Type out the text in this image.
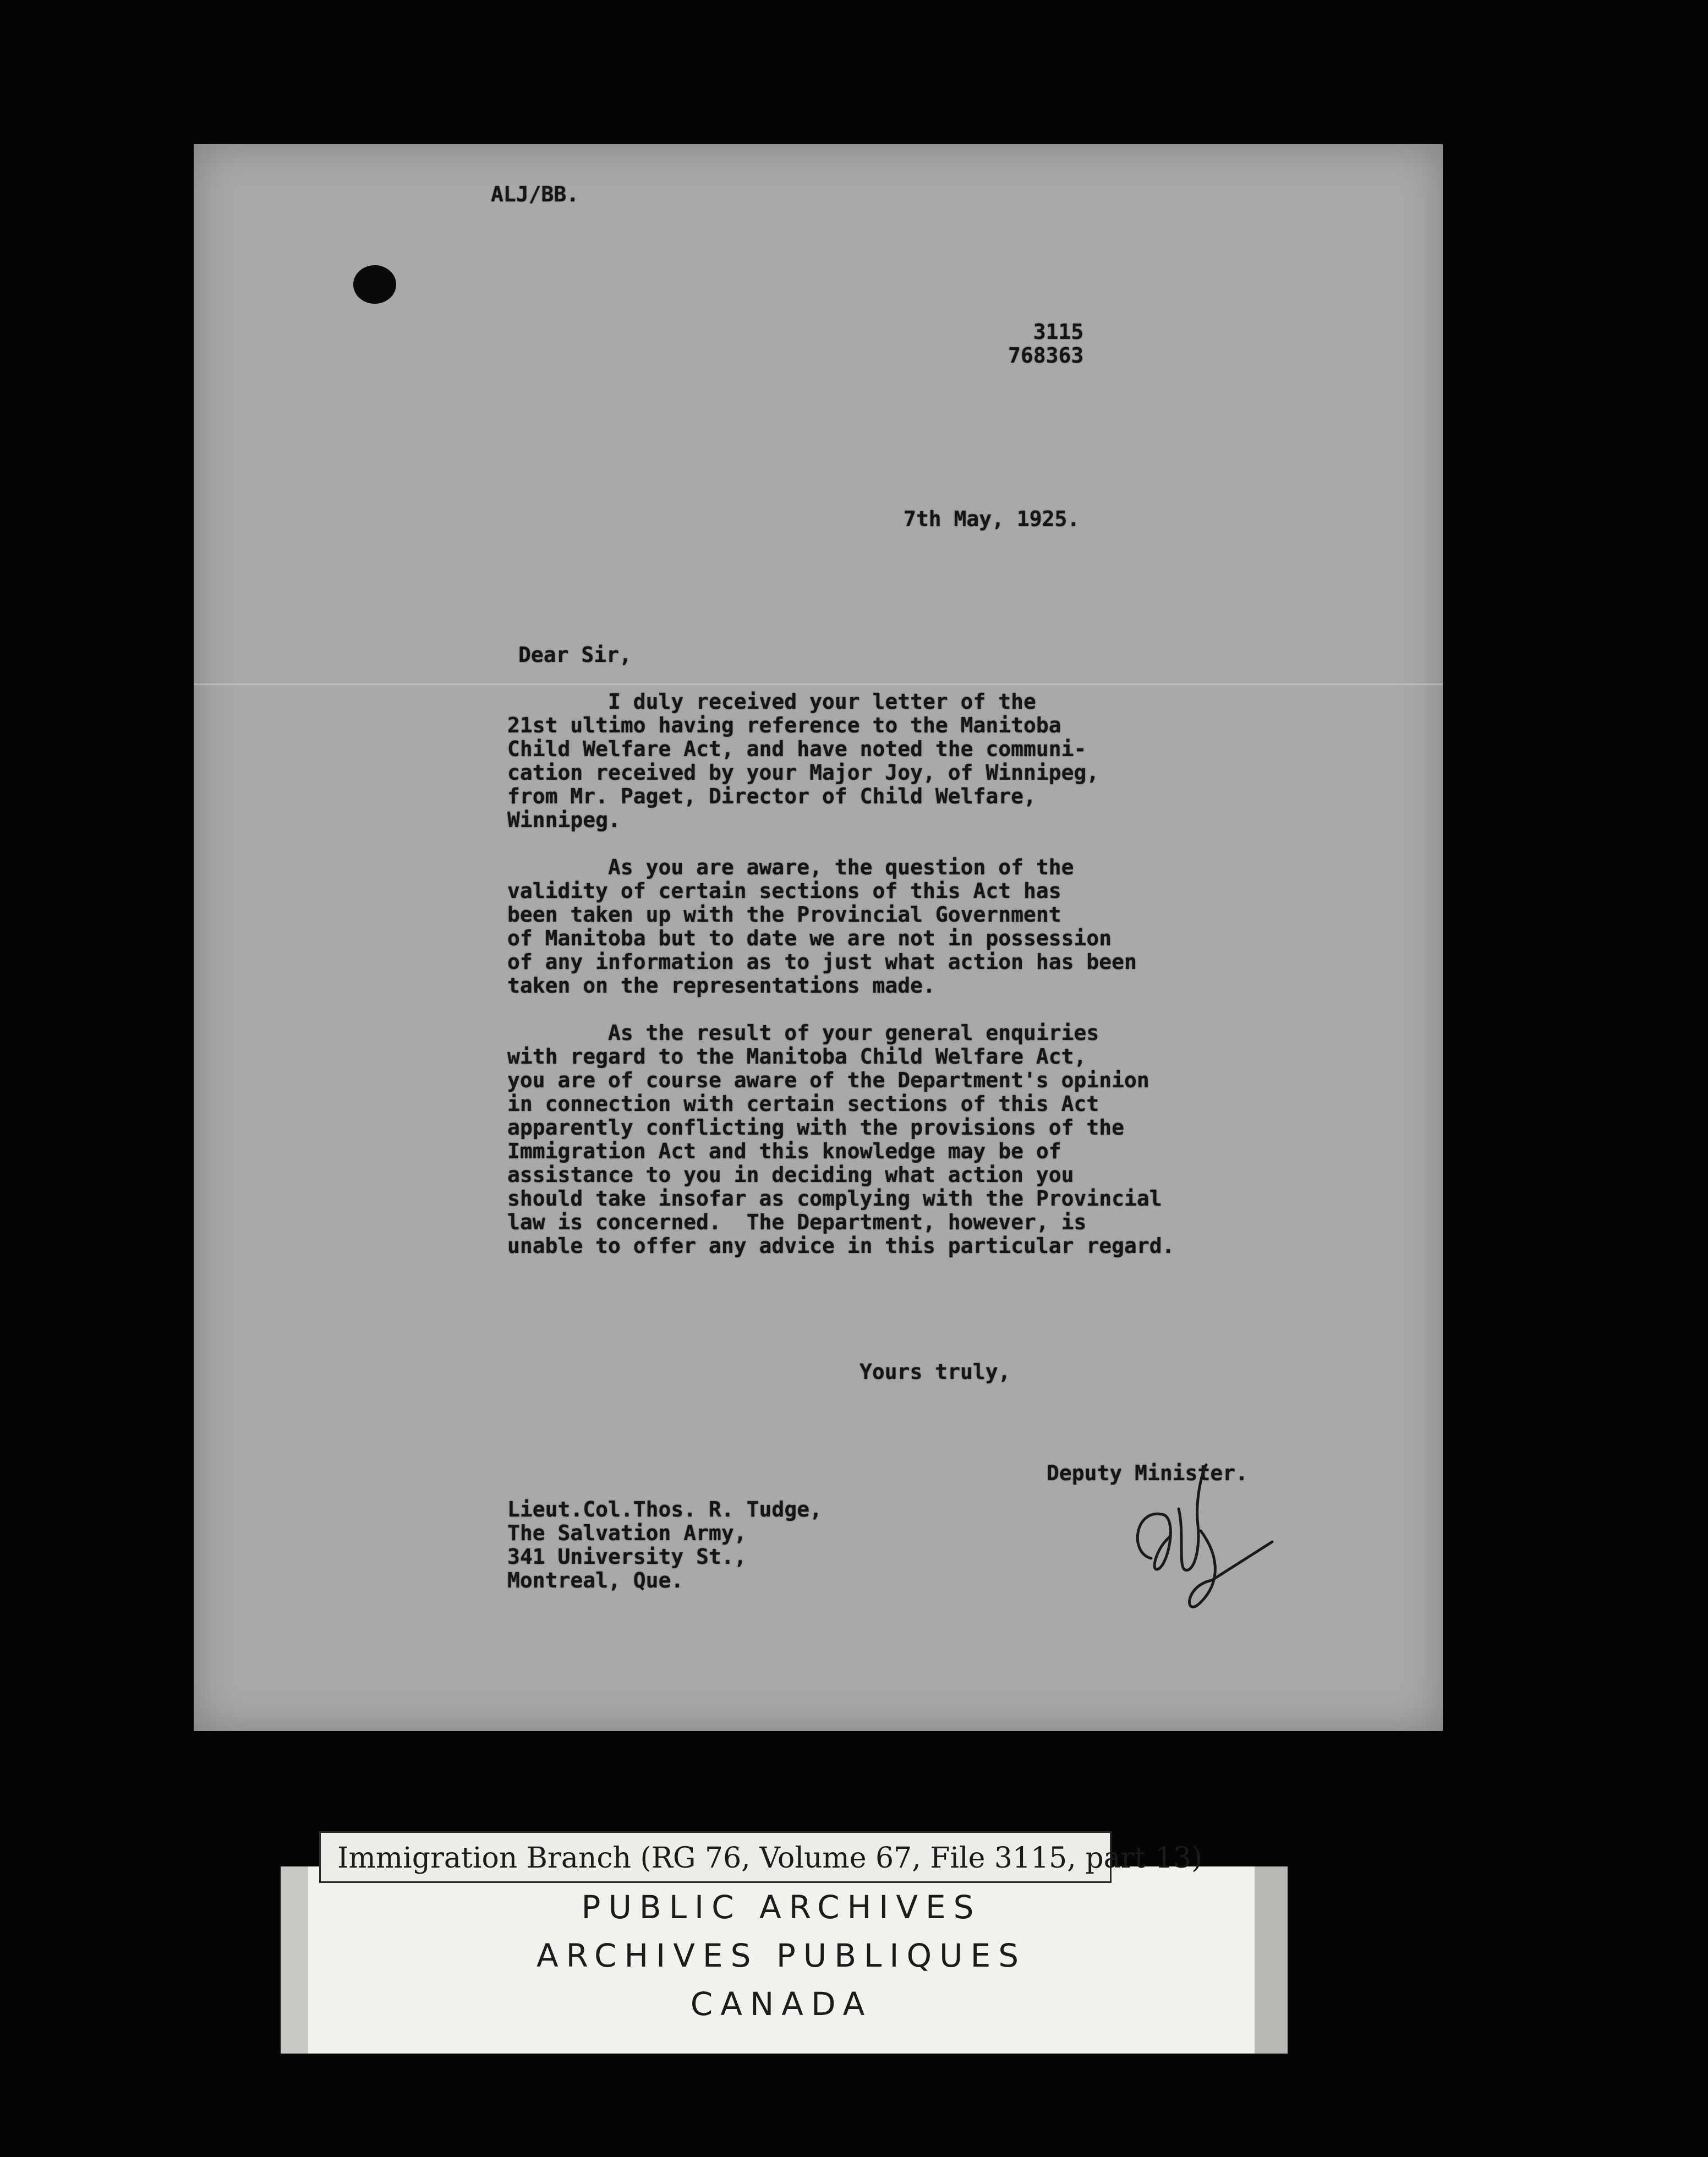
ALJ/BB.
3115
768363
7th May, 1925.
Dear Sir,
I duly received your letter of the
21st ultimo having reference to the Manitoba
Child Welfare Act, and have noted the communi-
cation received by your Major Joy, of Winnipeg,
from Mr. Paget, Director of Child Welfare,
Winnipeg.
As you are aware, the question of the
validity of certain sections of this Act has
been taken up with the Provincial Government
of Manitoba but to date we are not in possession
of any information as to just what action has been
taken on the representations made.
As the result of your general enquiries
with regard to the Manitoba Child Welfare Act,
you are of course aware of the Department's opinion
in connection with certain sections of this Act
apparently conflicting with the provisions of the
Immigration Act and this knowledge may be of
assistance to you in deciding what action you
should take insofar as complying with the Provincial
law is concerned.  The Department, however, is
unable to offer any advice in this particular regard.
Yours truly,
Deputy Minister.
Lieut.Col.Thos. R. Tudge,
The Salvation Army,
341 University St.,
Montreal, Que.
PUBLIC ARCHIVES
ARCHIVES PUBLIQUES
CANADA
Immigration Branch (RG 76, Volume 67, File 3115, part 13)
